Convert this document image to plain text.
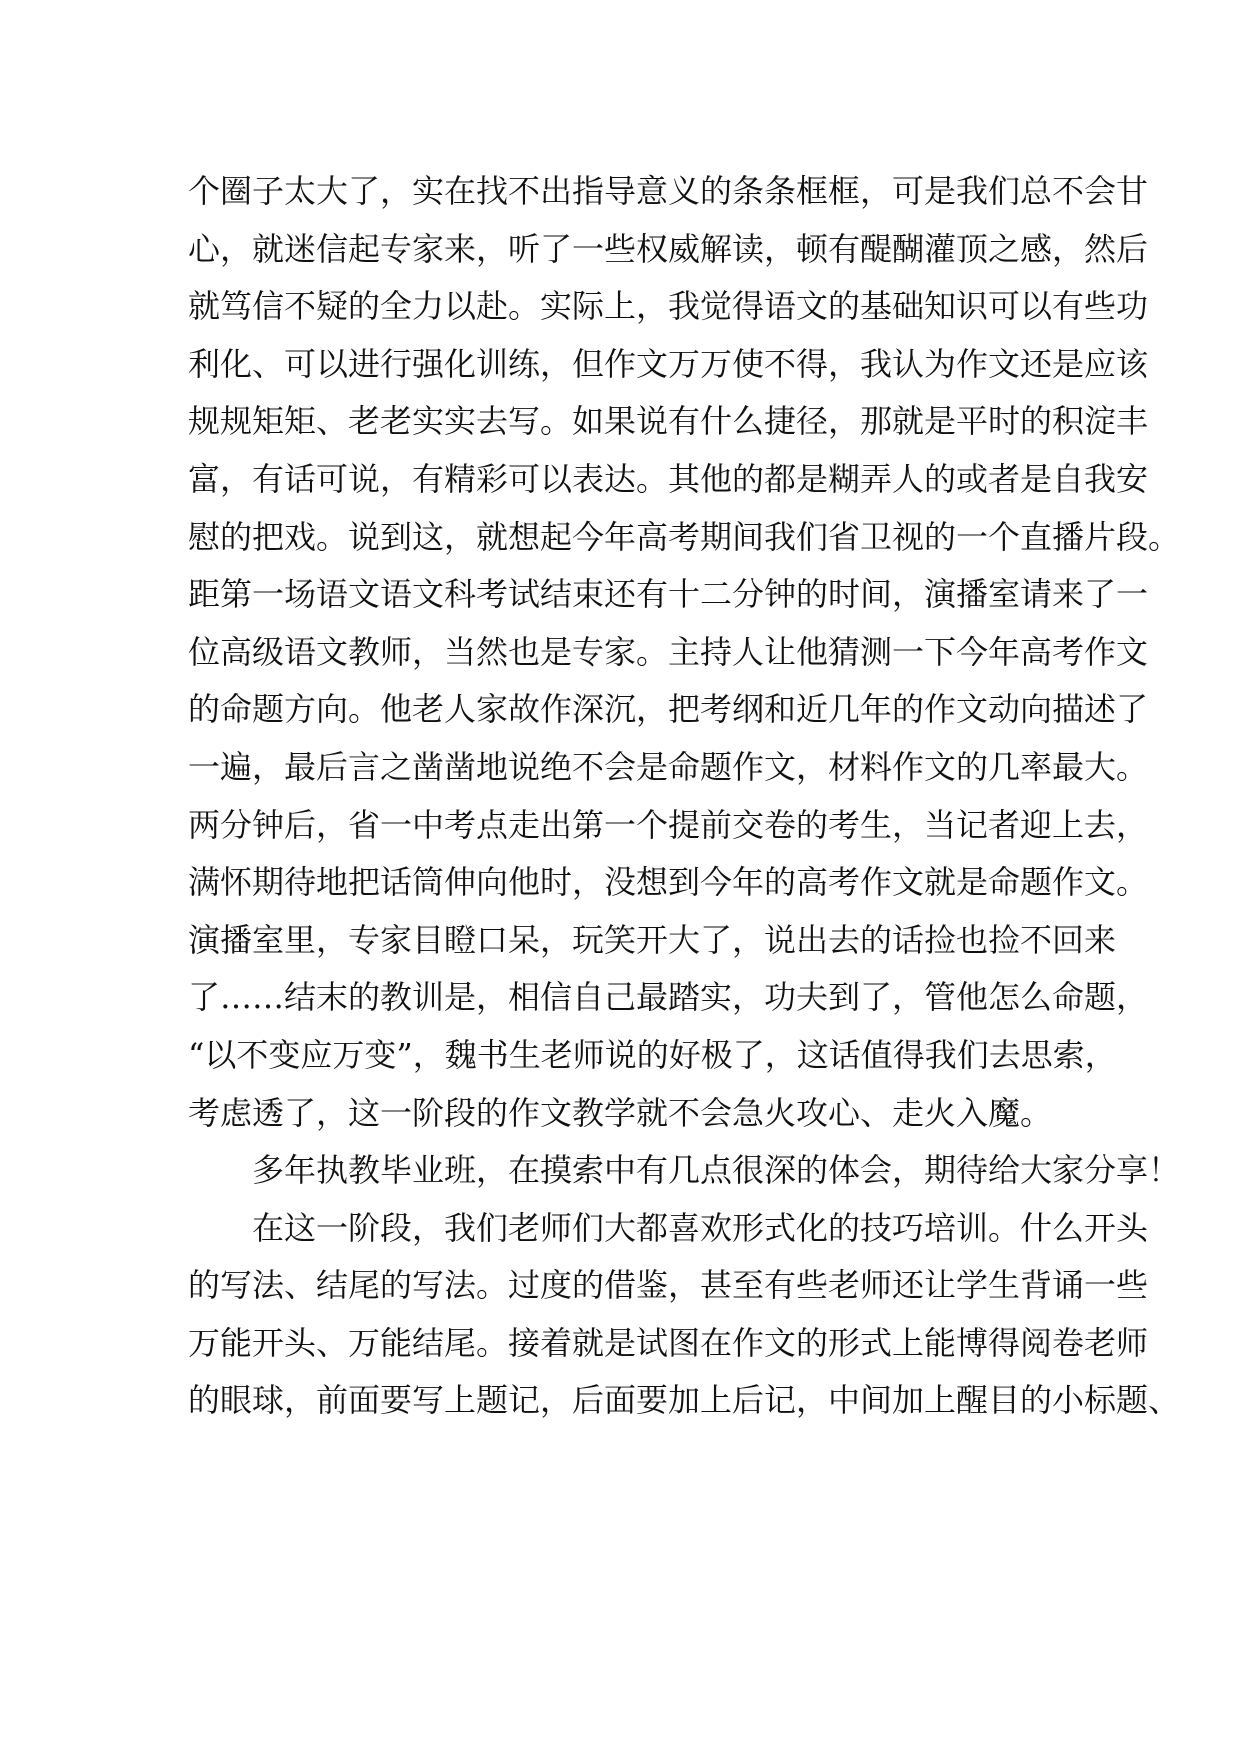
个圈子太大了，实在找不出指导意义的条条框框，可是我们总不会甘
心，就迷信起专家来，听了一些权威解读，顿有醍醐灌顶之感，然后
就笃信不疑的全力以赴。实际上，我觉得语文的基础知识可以有些功
利化、可以进行强化训练，但作文万万使不得，我认为作文还是应该
规规矩矩、老老实实去写。如果说有什么捷径，那就是平时的积淀丰
富，有话可说，有精彩可以表达。其他的都是糊弄人的或者是自我安
慰的把戏。说到这，就想起今年高考期间我们省卫视的一个直播片段。
距第一场语文语文科考试结束还有十二分钟的时间，演播室请来了一
位高级语文教师，当然也是专家。主持人让他猜测一下今年高考作文
的命题方向。他老人家故作深沉，把考纲和近几年的作文动向描述了
一遍，最后言之凿凿地说绝不会是命题作文，材料作文的几率最大。
两分钟后，省一中考点走出第一个提前交卷的考生，当记者迎上去，
满怀期待地把话筒伸向他时，没想到今年的高考作文就是命题作文。
演播室里，专家目瞪口呆，玩笑开大了，说出去的话捡也捡不回来
了……结末的教训是，相信自己最踏实，功夫到了，管他怎么命题，
“以不变应万变”，魏书生老师说的好极了，这话值得我们去思索，
考虑透了，这一阶段的作文教学就不会急火攻心、走火入魔。
多年执教毕业班，在摸索中有几点很深的体会，期待给大家分享！
在这一阶段，我们老师们大都喜欢形式化的技巧培训。什么开头
的写法、结尾的写法。过度的借鉴，甚至有些老师还让学生背诵一些
万能开头、万能结尾。接着就是试图在作文的形式上能博得阅卷老师
的眼球，前面要写上题记，后面要加上后记，中间加上醒目的小标题、
